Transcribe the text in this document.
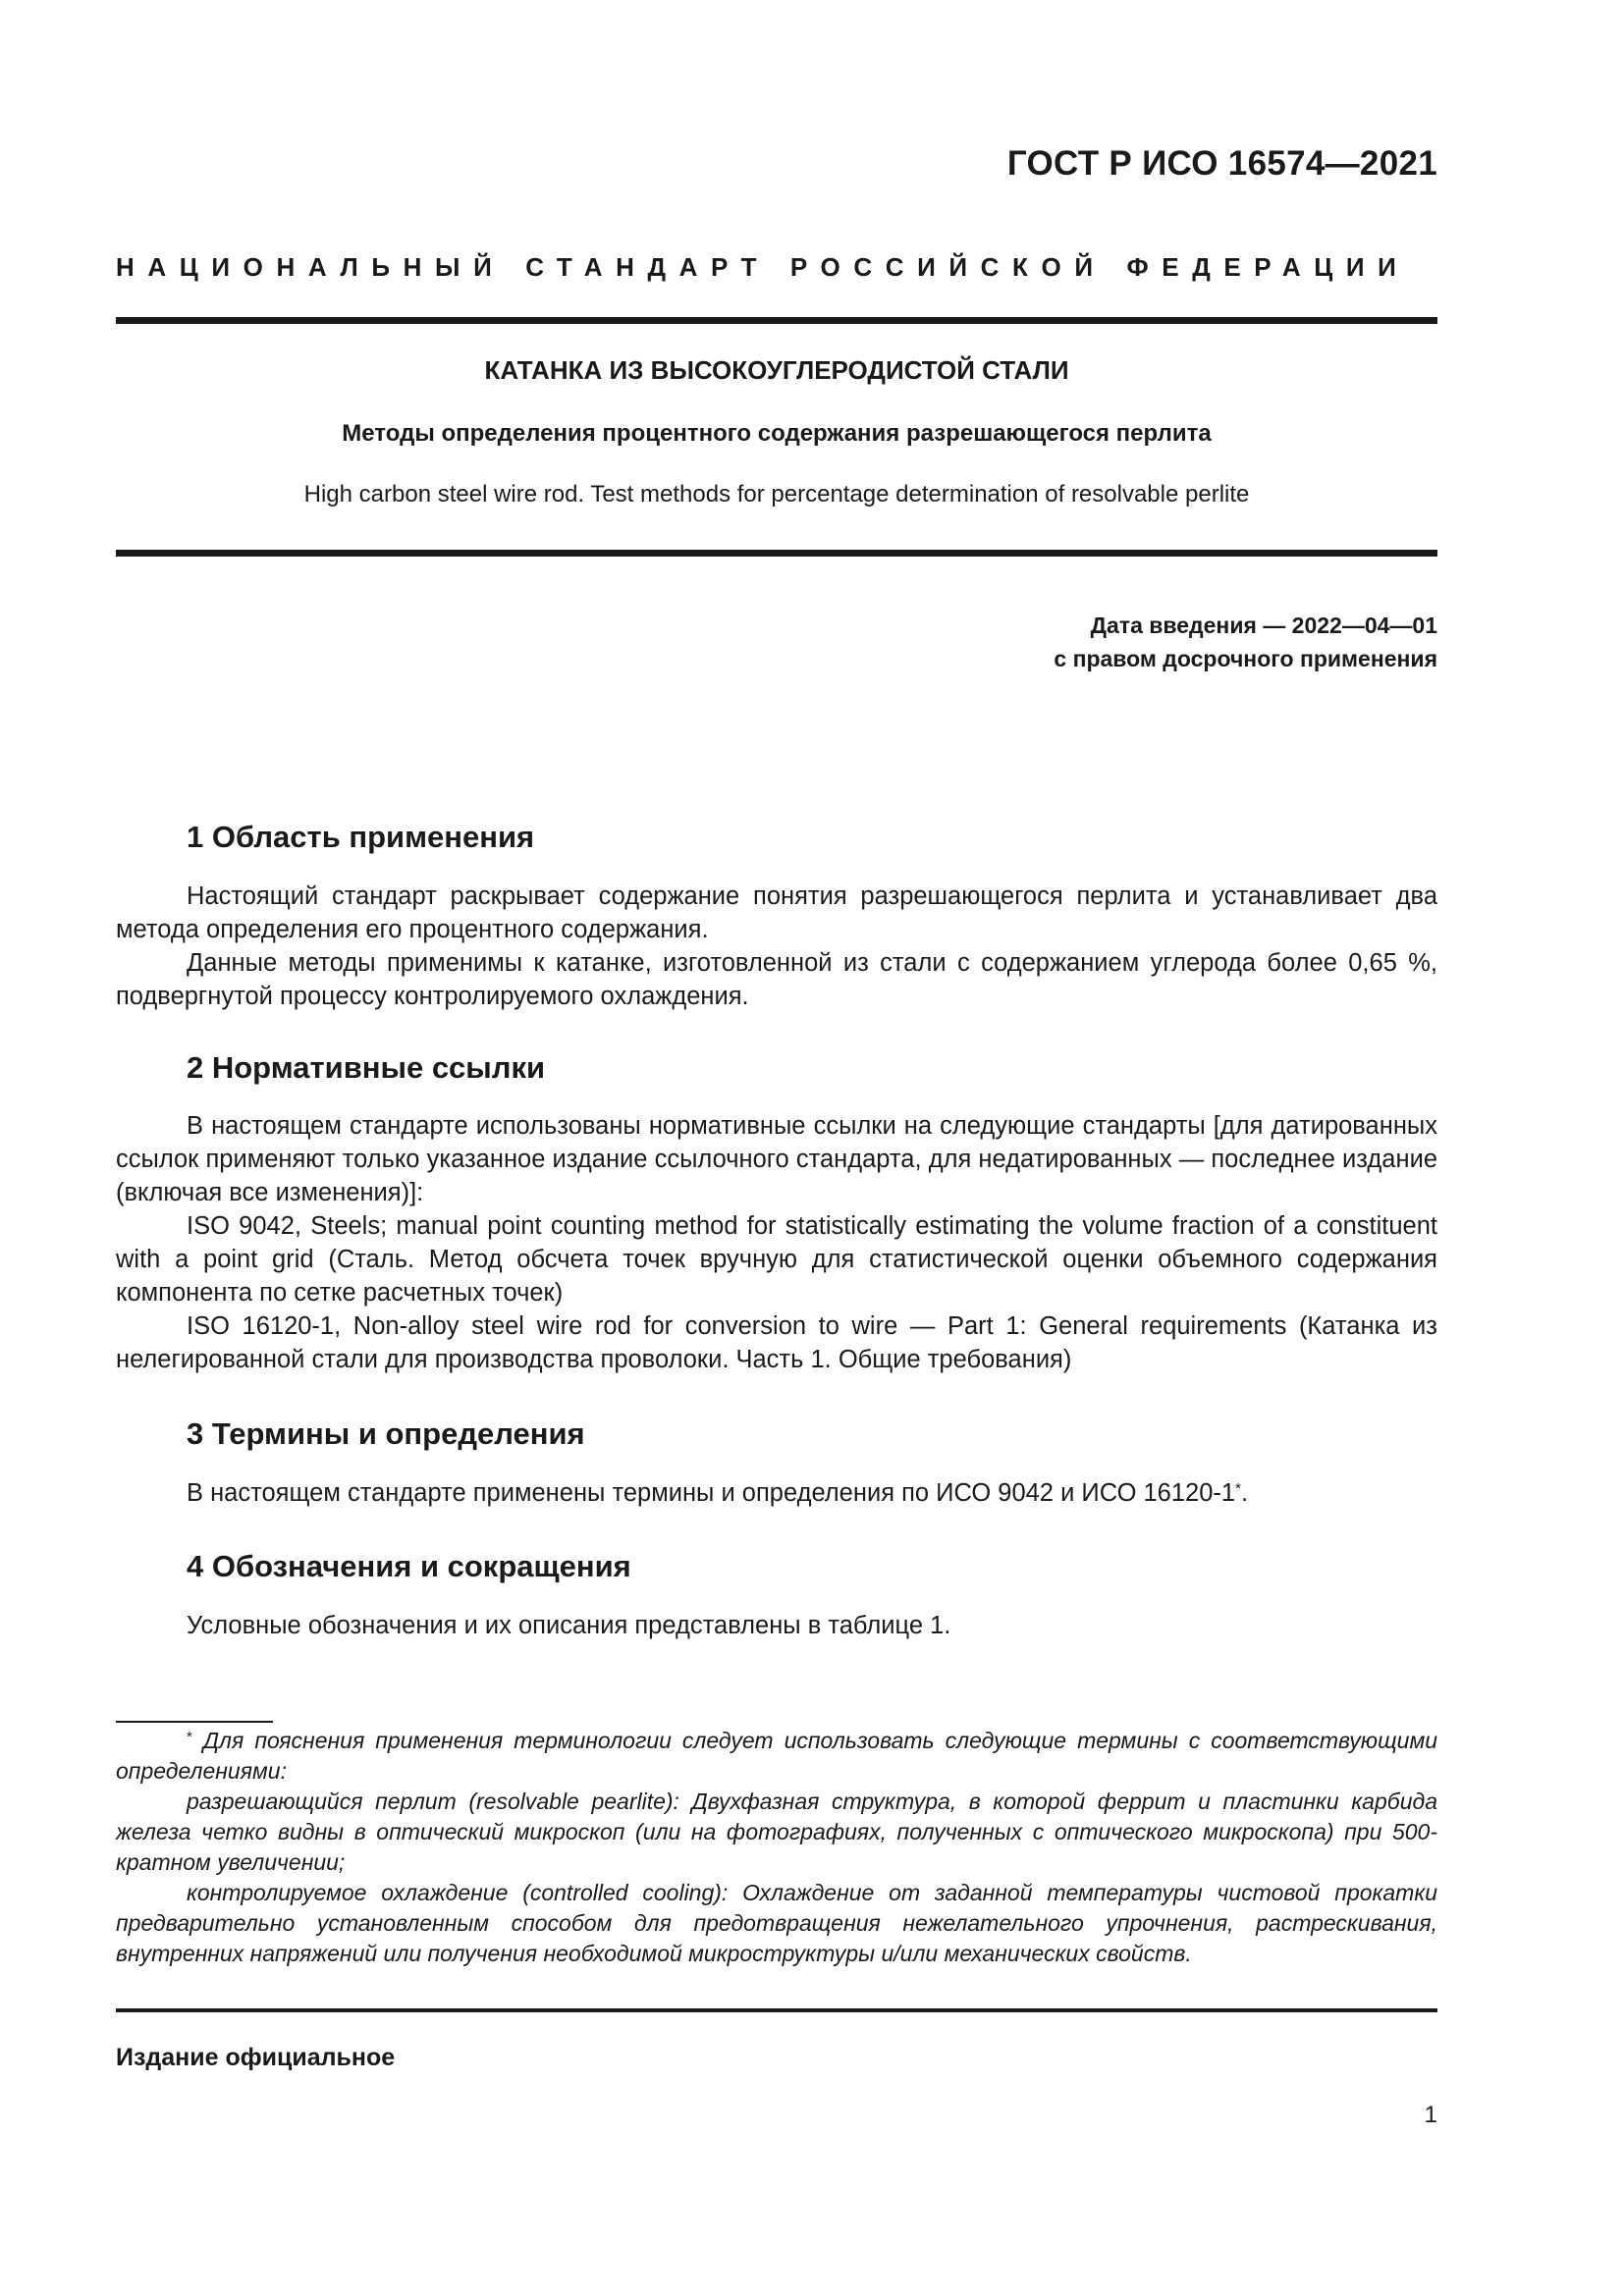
ГОСТ Р ИСО 16574—2021
НАЦИОНАЛЬНЫЙ СТАНДАРТ РОССИЙСКОЙ ФЕДЕРАЦИИ
КАТАНКА ИЗ ВЫСОКОУГЛЕРОДИСТОЙ СТАЛИ
Методы определения процентного содержания разрешающегося перлита
High carbon steel wire rod. Test methods for percentage determination of resolvable perlite
Дата введения — 2022—04—01
с правом досрочного применения
1 Область применения

Настоящий стандарт раскрывает содержание понятия разрешающегося перлита и устанавливает два метода определения его процентного содержания.

Данные методы применимы к катанке, изготовленной из стали с содержанием углерода более 0,65 %, подвергнутой процессу контролируемого охлаждения.

2 Нормативные ссылки

В настоящем стандарте использованы нормативные ссылки на следующие стандарты [для датированных ссылок применяют только указанное издание ссылочного стандарта, для недатированных — последнее издание (включая все изменения)]:

ISO 9042, Steels; manual point counting method for statistically estimating the volume fraction of a constituent with a point grid (Сталь. Метод обсчета точек вручную для статистической оценки объемного содержания компонента по сетке расчетных точек)

ISO 16120-1, Non-alloy steel wire rod for conversion to wire — Part 1: General requirements (Катанка из нелегированной стали для производства проволоки. Часть 1. Общие требования)

3 Термины и определения

В настоящем стандарте применены термины и определения по ИСО 9042 и ИСО 16120-1*.

4 Обозначения и сокращения

Условные обозначения и их описания представлены в таблице 1.

* Для пояснения применения терминологии следует использовать следующие термины с соответствующими определениями:

разрешающийся перлит (resolvable pearlite): Двухфазная структура, в которой феррит и пластинки карбида железа четко видны в оптический микроскоп (или на фотографиях, полученных с оптического микроскопа) при 500-кратном увеличении;

контролируемое охлаждение (controlled cooling): Охлаждение от заданной температуры чистовой прокатки предварительно установленным способом для предотвращения нежелательного упрочнения, растрескивания, внутренних напряжений или получения необходимой микроструктуры и/или механических свойств.

Издание официальное
1
